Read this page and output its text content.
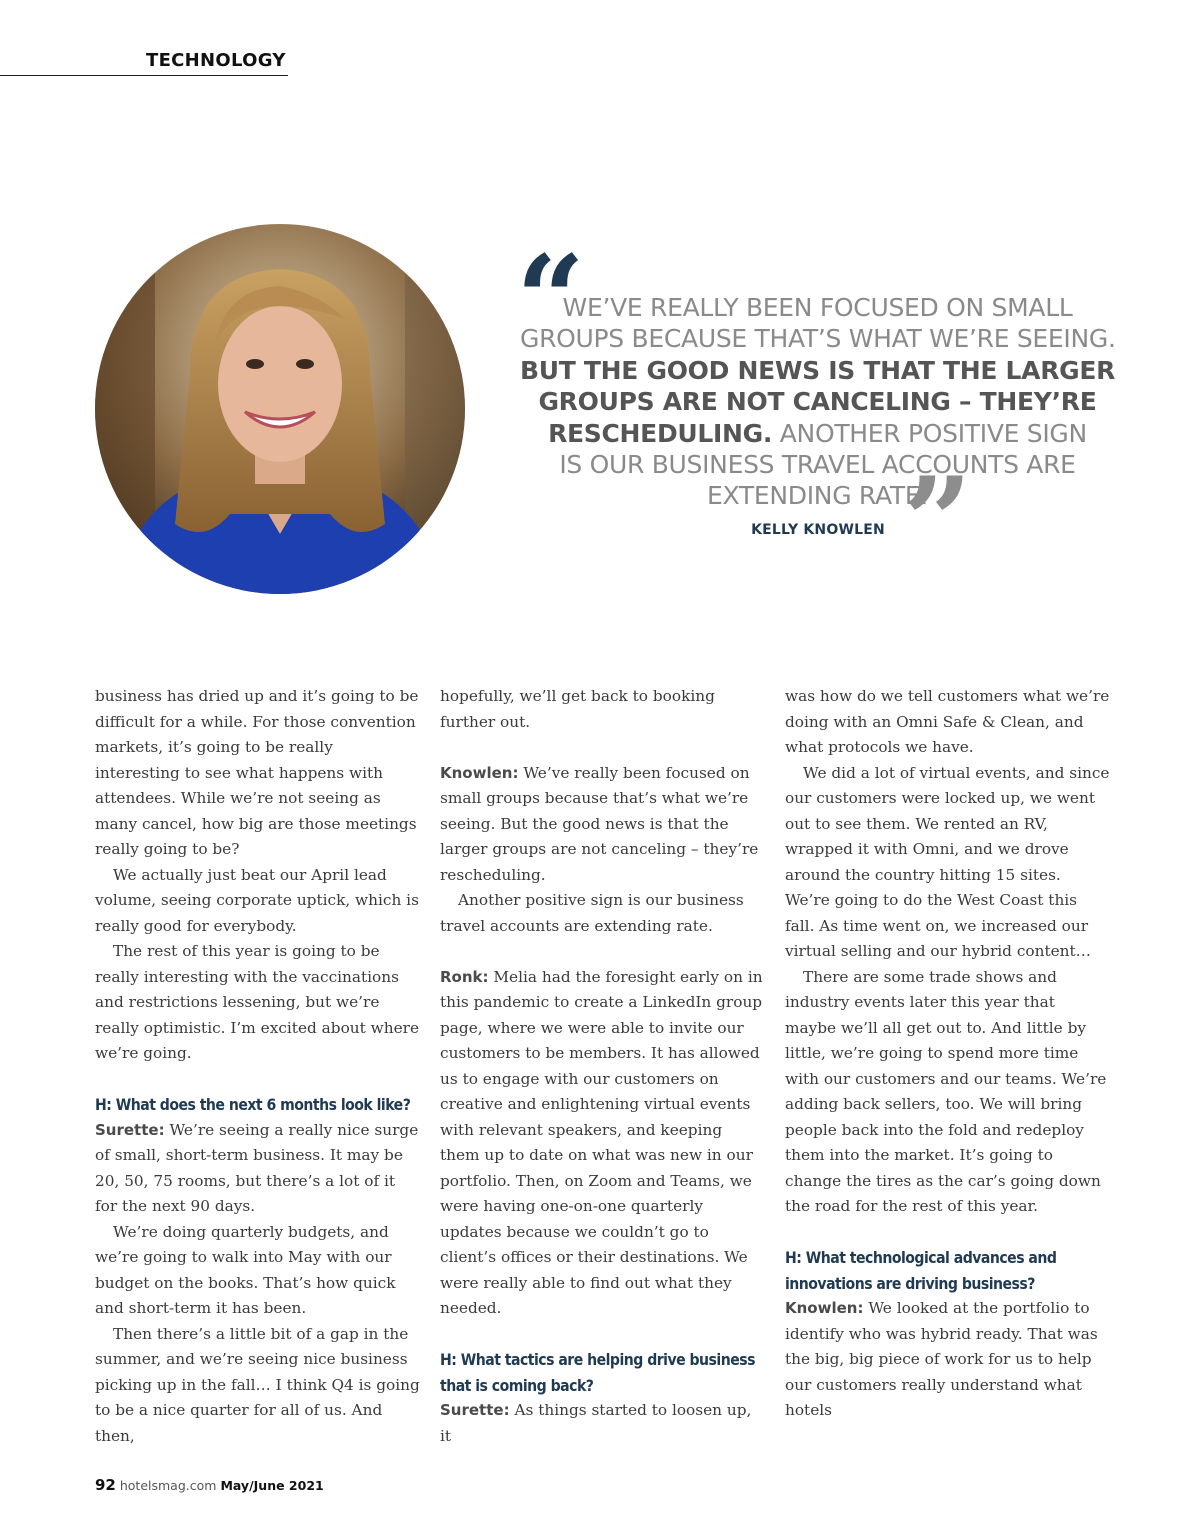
TECHNOLOGY
“
WE’VE REALLY BEEN FOCUSED ON SMALL
GROUPS BECAUSE THAT’S WHAT WE’RE SEEING.
BUT THE GOOD NEWS IS THAT THE LARGER
GROUPS ARE NOT CANCELING – THEY’RE
RESCHEDULING. ANOTHER POSITIVE SIGN
IS OUR BUSINESS TRAVEL ACCOUNTS ARE
EXTENDING RATE.
”
KELLY KNOWLEN

business has dried up and it’s going to be difficult for a while. For those convention markets, it’s going to be really interesting to see what happens with attendees. While we’re not seeing as many cancel, how big are those meetings really going to be?

We actually just beat our April lead volume, seeing corporate uptick, which is really good for everybody.

The rest of this year is going to be really interesting with the vaccinations and restrictions lessening, but we’re really optimistic. I’m excited about where we’re going.

H: What does the next 6 months look like?

Surette: We’re seeing a really nice surge of small, short-term business. It may be 20, 50, 75 rooms, but there’s a lot of it for the next 90 days.

We’re doing quarterly budgets, and we’re going to walk into May with our budget on the books. That’s how quick and short-term it has been.

Then there’s a little bit of a gap in the summer, and we’re seeing nice business picking up in the fall… I think Q4 is going to be a nice quarter for all of us. And then,

hopefully, we’ll get back to booking further out.

Knowlen: We’ve really been focused on small groups because that’s what we’re seeing. But the good news is that the larger groups are not canceling – they’re rescheduling.

Another positive sign is our business travel accounts are extending rate.

Ronk: Melia had the foresight early on in this pandemic to create a LinkedIn group page, where we were able to invite our customers to be members. It has allowed us to engage with our customers on creative and enlightening virtual events with relevant speakers, and keeping them up to date on what was new in our portfolio. Then, on Zoom and Teams, we were having one-on-one quarterly updates because we couldn’t go to client’s offices or their destinations. We were really able to find out what they needed.

H: What tactics are helping drive business that is coming back?

Surette: As things started to loosen up, it

was how do we tell customers what we’re doing with an Omni Safe & Clean, and what protocols we have.

We did a lot of virtual events, and since our customers were locked up, we went out to see them. We rented an RV, wrapped it with Omni, and we drove around the country hitting 15 sites. We’re going to do the West Coast this fall. As time went on, we increased our virtual selling and our hybrid content…

There are some trade shows and industry events later this year that maybe we’ll all get out to. And little by little, we’re going to spend more time with our customers and our teams. We’re adding back sellers, too. We will bring people back into the fold and redeploy them into the market. It’s going to change the tires as the car’s going down the road for the rest of this year.

H: What technological advances and innovations are driving business?

Knowlen: We looked at the portfolio to identify who was hybrid ready. That was the big, big piece of work for us to help our customers really understand what hotels

92 hotelsmag.com May/June 2021
